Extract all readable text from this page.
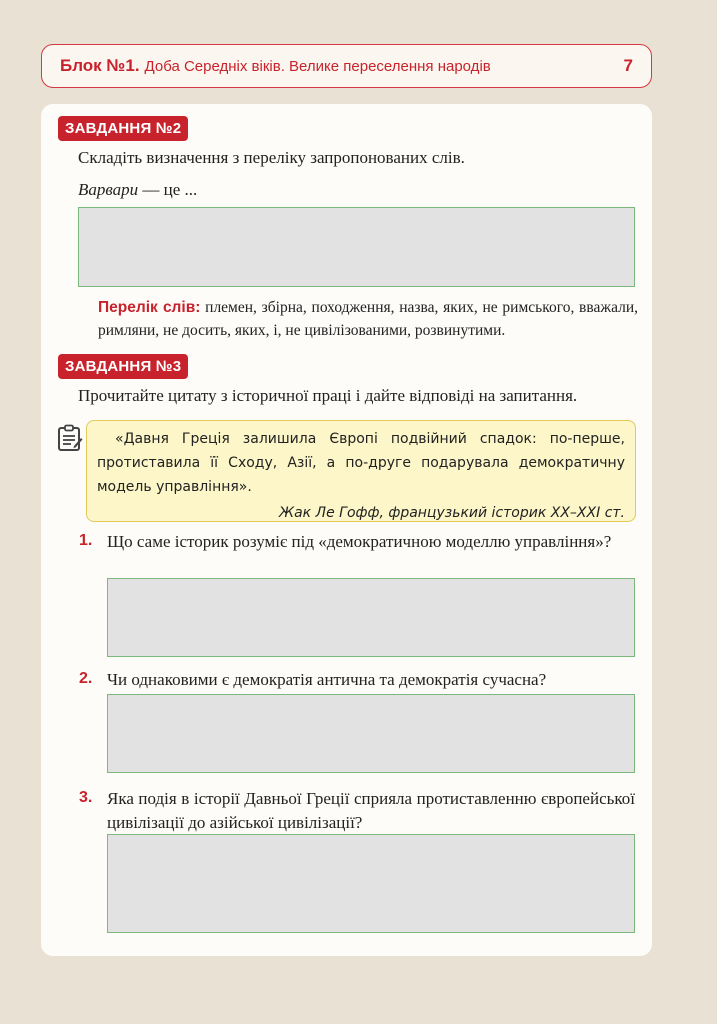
Блок №1. Доба Середніх віків. Велике переселення народів	7
ЗАВДАННЯ №2
Складіть визначення з переліку запропонованих слів.
Варвари — це ...
Перелік слів: племен, збірна, походження, назва, яких, не римського, вважали, римляни, не досить, яких, і, не цивілізованими, розвинутими.
ЗАВДАННЯ №3
Прочитайте цитату з історичної праці і дайте відповіді на запитання.
«Давня Греція залишила Європі подвійний спадок: по-перше, протиставила її Сходу, Азії, а по-друге подарувала демократичну модель управління».
Жак Ле Гофф, французький історик XX–XXI ст.
1. Що саме історик розуміє під «демократичною моделлю управління»?
2. Чи однаковими є демократія антична та демократія сучасна?
3. Яка подія в історії Давньої Греції сприяла протиставленню європейської цивілізації до азійської цивілізації?
